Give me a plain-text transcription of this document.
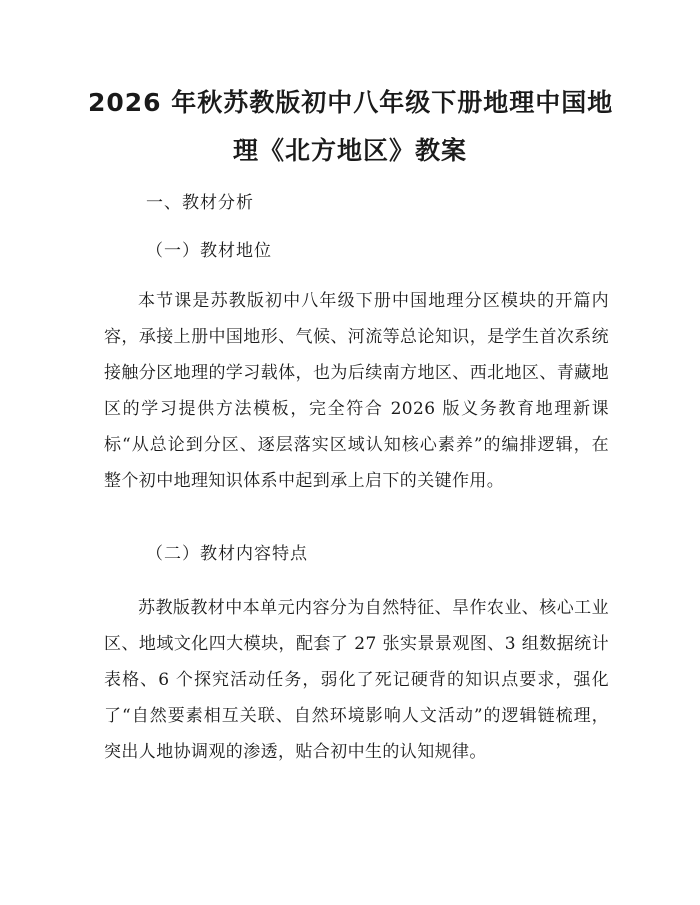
2026 年秋苏教版初中八年级下册地理中国地
理《北方地区》教案
一、教材分析
（一）教材地位

本节课是苏教版初中八年级下册中国地理分区模块的开篇内容，承接上册中国地形、气候、河流等总论知识，是学生首次系统接触分区地理的学习载体，也为后续南方地区、西北地区、青藏地区的学习提供方法模板，完全符合 2026 版义务教育地理新课标“从总论到分区、逐层落实区域认知核心素养”的编排逻辑，在整个初中地理知识体系中起到承上启下的关键作用。

（二）教材内容特点

苏教版教材中本单元内容分为自然特征、旱作农业、核心工业区、地域文化四大模块，配套了 27 张实景景观图、3 组数据统计表格、6 个探究活动任务，弱化了死记硬背的知识点要求，强化了“自然要素相互关联、自然环境影响人文活动”的逻辑链梳理，突出人地协调观的渗透，贴合初中生的认知规律。
